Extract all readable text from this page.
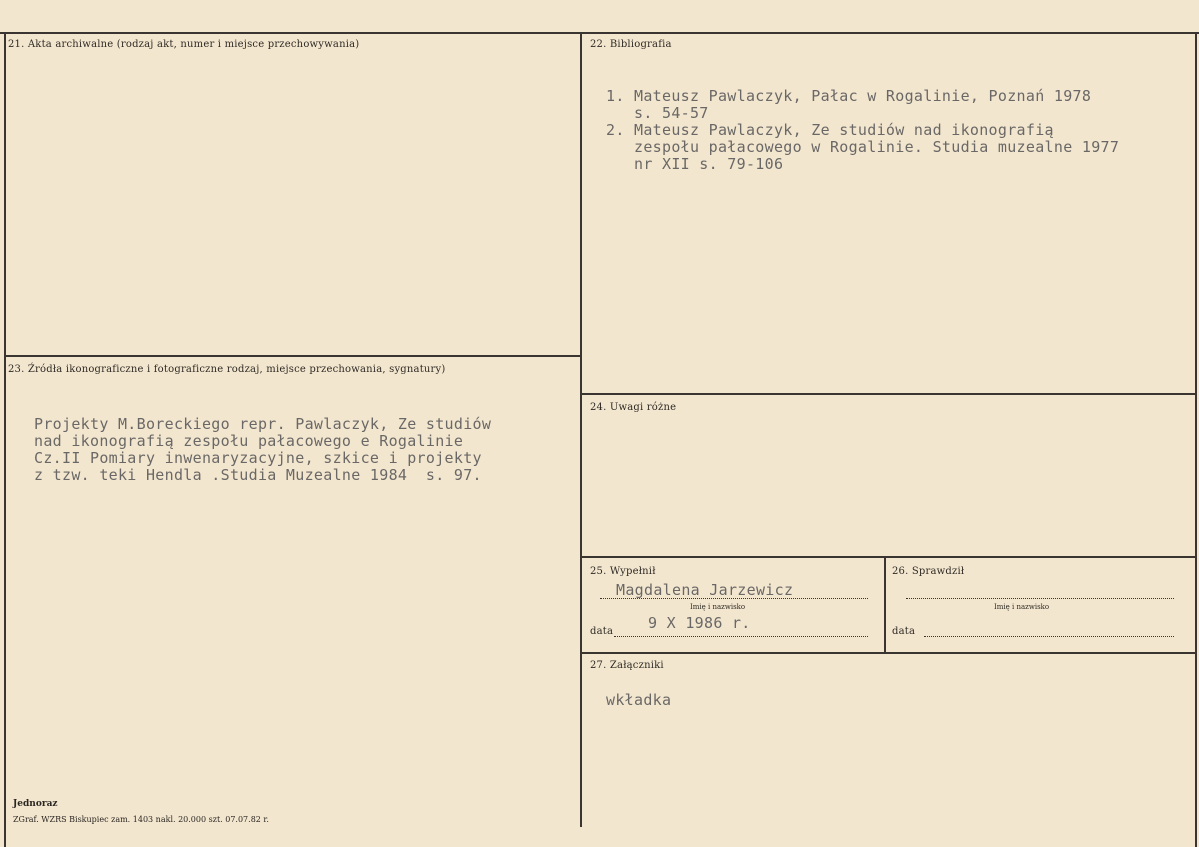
21. Akta archiwalne (rodzaj akt, numer i miejsce przechowywania)	22. Bibliografia
1. Mateusz Pawlaczyk, Pałac w Rogalinie, Poznań 1978
s. 54-57
2. Mateusz Pawlaczyk, Ze studiów nad ikonografią
zespołu pałacowego w Rogalinie. Studia muzealne 1977
nr XII s. 79-106
23. Źródła ikonograficzne i fotograficzne rodzaj, miejsce przechowania, sygnatury)
Projekty M.Boreckiego repr. Pawlaczyk, Ze studiów
nad ikonografią zespołu pałacowego e Rogalinie
Cz.II Pomiary inwenaryzacyjne, szkice i projekty
z tzw. teki Hendla .Studia Muzealne 1984  s. 97.
24. Uwagi różne
25. Wypełnił
Magdalena Jarzewicz
Imię i nazwisko
data 9 X 1986 r.
26. Sprawdził
Imię i nazwisko
data
27. Załączniki
wkładka
Jednoraz
ZGraf. WZRS Biskupiec zam. 1403 nakl. 20.000 szt. 07.07.82 r.
